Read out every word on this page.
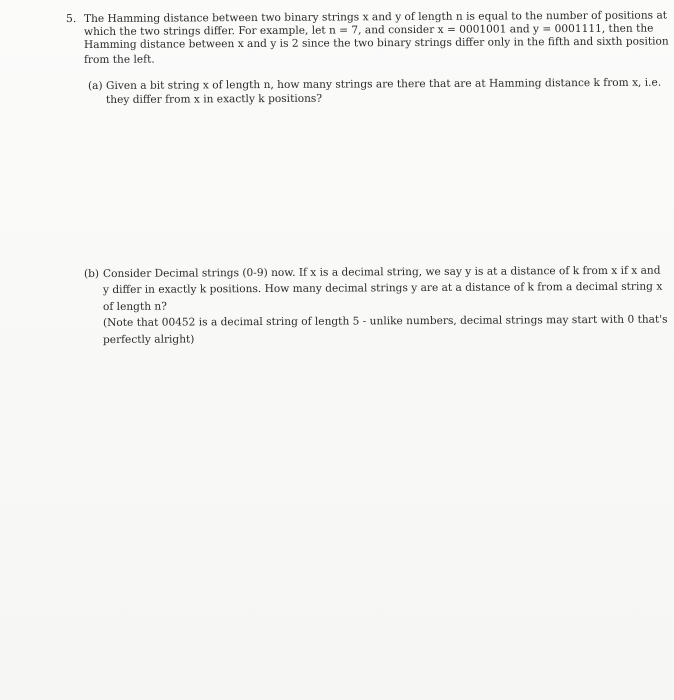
5. The Hamming distance between two binary strings x and y of length n is equal to the number of positions at

which the two strings differ. For example, let n = 7, and consider x = 0001001 and y = 0001111, then the

Hamming distance between x and y is 2 since the two binary strings differ only in the fifth and sixth position

from the left.

(a) Given a bit string x of length n, how many strings are there that are at Hamming distance k from x, i.e.

they differ from x in exactly k positions?

(b) Consider Decimal strings (0-9) now. If x is a decimal string, we say y is at a distance of k from x if x and

y differ in exactly k positions. How many decimal strings y are at a distance of k from a decimal string x

of length n?

(Note that 00452 is a decimal string of length 5 - unlike numbers, decimal strings may start with 0 that's

perfectly alright)
